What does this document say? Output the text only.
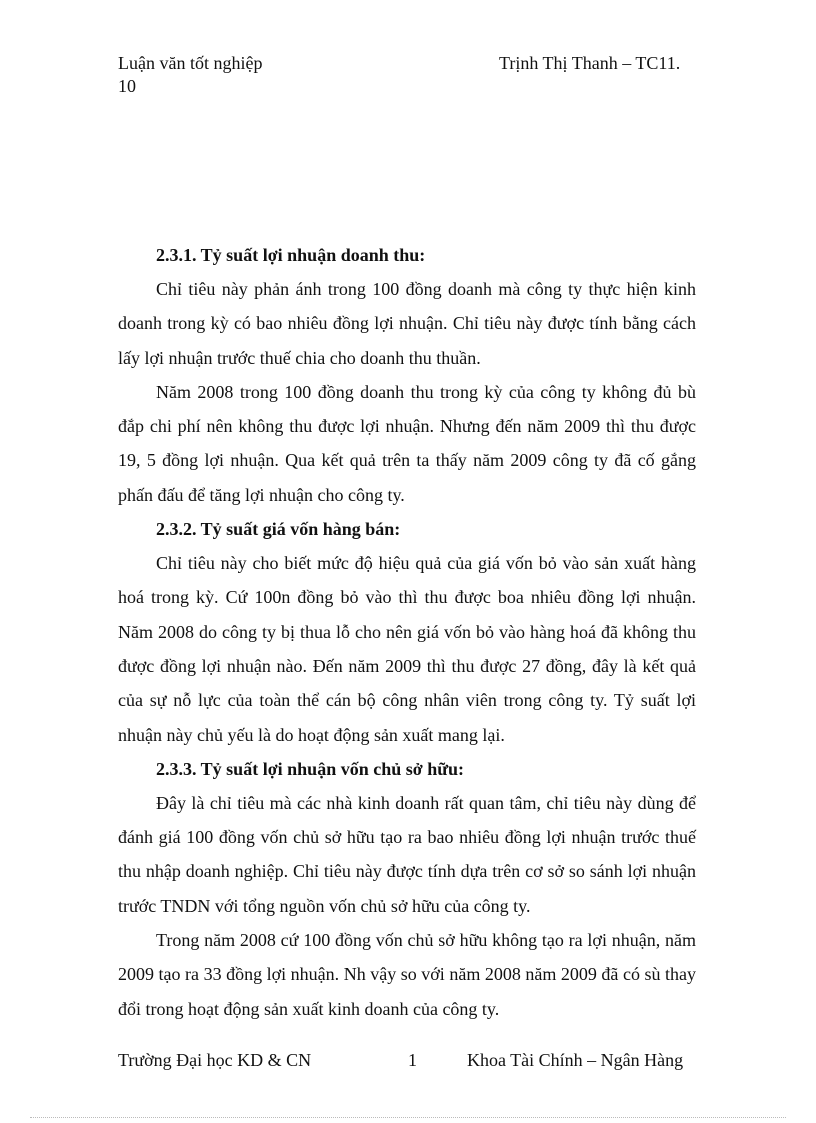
Luận văn tốt nghiệp
10
Trịnh Thị Thanh – TC11.
2.3.1. Tỷ suất lợi nhuận doanh thu:

Chỉ tiêu này phản ánh trong 100 đồng doanh mà công ty thực hiện kinh doanh trong kỳ có bao nhiêu đồng lợi nhuận. Chỉ tiêu này được tính bằng cách lấy lợi nhuận trước thuế chia cho doanh thu thuần.

Năm 2008 trong 100 đồng doanh thu trong kỳ của công ty không đủ bù đắp chi phí nên không thu được lợi nhuận. Nhưng đến năm 2009 thì thu được 19, 5 đồng lợi nhuận. Qua kết quả trên ta thấy năm 2009 công ty đã cố gắng phấn đấu để tăng lợi nhuận cho công ty.

2.3.2. Tỷ suất giá vốn hàng bán:

Chỉ tiêu này cho biết mức độ hiệu quả của giá vốn bỏ vào sản xuất hàng hoá trong kỳ. Cứ 100n đồng bỏ vào thì thu được boa nhiêu đồng lợi nhuận. Năm 2008 do công ty bị thua lỗ cho nên giá vốn bỏ vào hàng hoá đã không thu được đồng lợi nhuận nào. Đến năm 2009 thì thu được 27 đồng, đây là kết quả của sự nỗ lực của toàn thể cán bộ công nhân viên trong công ty. Tỷ suất lợi nhuận này chủ yếu là do hoạt động sản xuất mang lại.

2.3.3. Tỷ suất lợi nhuận vốn chủ sở hữu:

Đây là chỉ tiêu mà các nhà kinh doanh rất quan tâm, chỉ tiêu này dùng để đánh giá 100 đồng vốn chủ sở hữu tạo ra bao nhiêu đồng lợi nhuận trước thuế thu nhập doanh nghiệp. Chỉ tiêu này được tính dựa trên cơ sở so sánh lợi nhuận trước TNDN với tổng nguồn vốn chủ sở hữu của công ty.

Trong năm 2008 cứ 100 đồng vốn chủ sở hữu không tạo ra lợi nhuận, năm 2009 tạo ra 33 đồng lợi nhuận. Nh vậy so với năm 2008 năm 2009 đã có sù thay đổi trong hoạt động sản xuất kinh doanh của công ty.

Trường Đại học KD & CN	1	Khoa Tài Chính – Ngân Hàng
